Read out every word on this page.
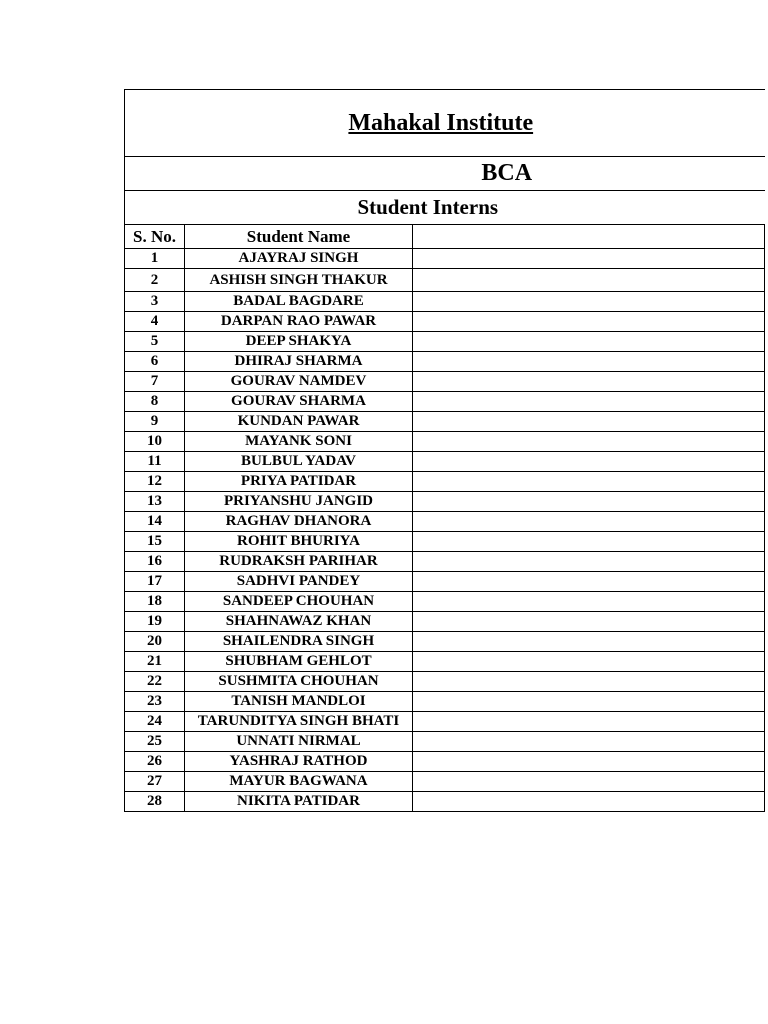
Mahakal Institute		
BCA		
Student Interns		
S. No.	Student Name	
1	AJAYRAJ SINGH	
2	ASHISH SINGH THAKUR	
3	BADAL BAGDARE	
4	DARPAN RAO PAWAR	
5	DEEP SHAKYA	
6	DHIRAJ SHARMA	
7	GOURAV NAMDEV	
8	GOURAV SHARMA	
9	KUNDAN PAWAR	
10	MAYANK SONI	
11	BULBUL YADAV	
12	PRIYA PATIDAR	
13	PRIYANSHU JANGID	
14	RAGHAV DHANORA	
15	ROHIT BHURIYA	
16	RUDRAKSH PARIHAR	
17	SADHVI PANDEY	
18	SANDEEP CHOUHAN	
19	SHAHNAWAZ KHAN	
20	SHAILENDRA SINGH	
21	SHUBHAM GEHLOT	
22	SUSHMITA CHOUHAN	
23	TANISH MANDLOI	
24	TARUNDITYA SINGH BHATI	
25	UNNATI NIRMAL	
26	YASHRAJ RATHOD	
27	MAYUR BAGWANA	
28	NIKITA PATIDAR	
